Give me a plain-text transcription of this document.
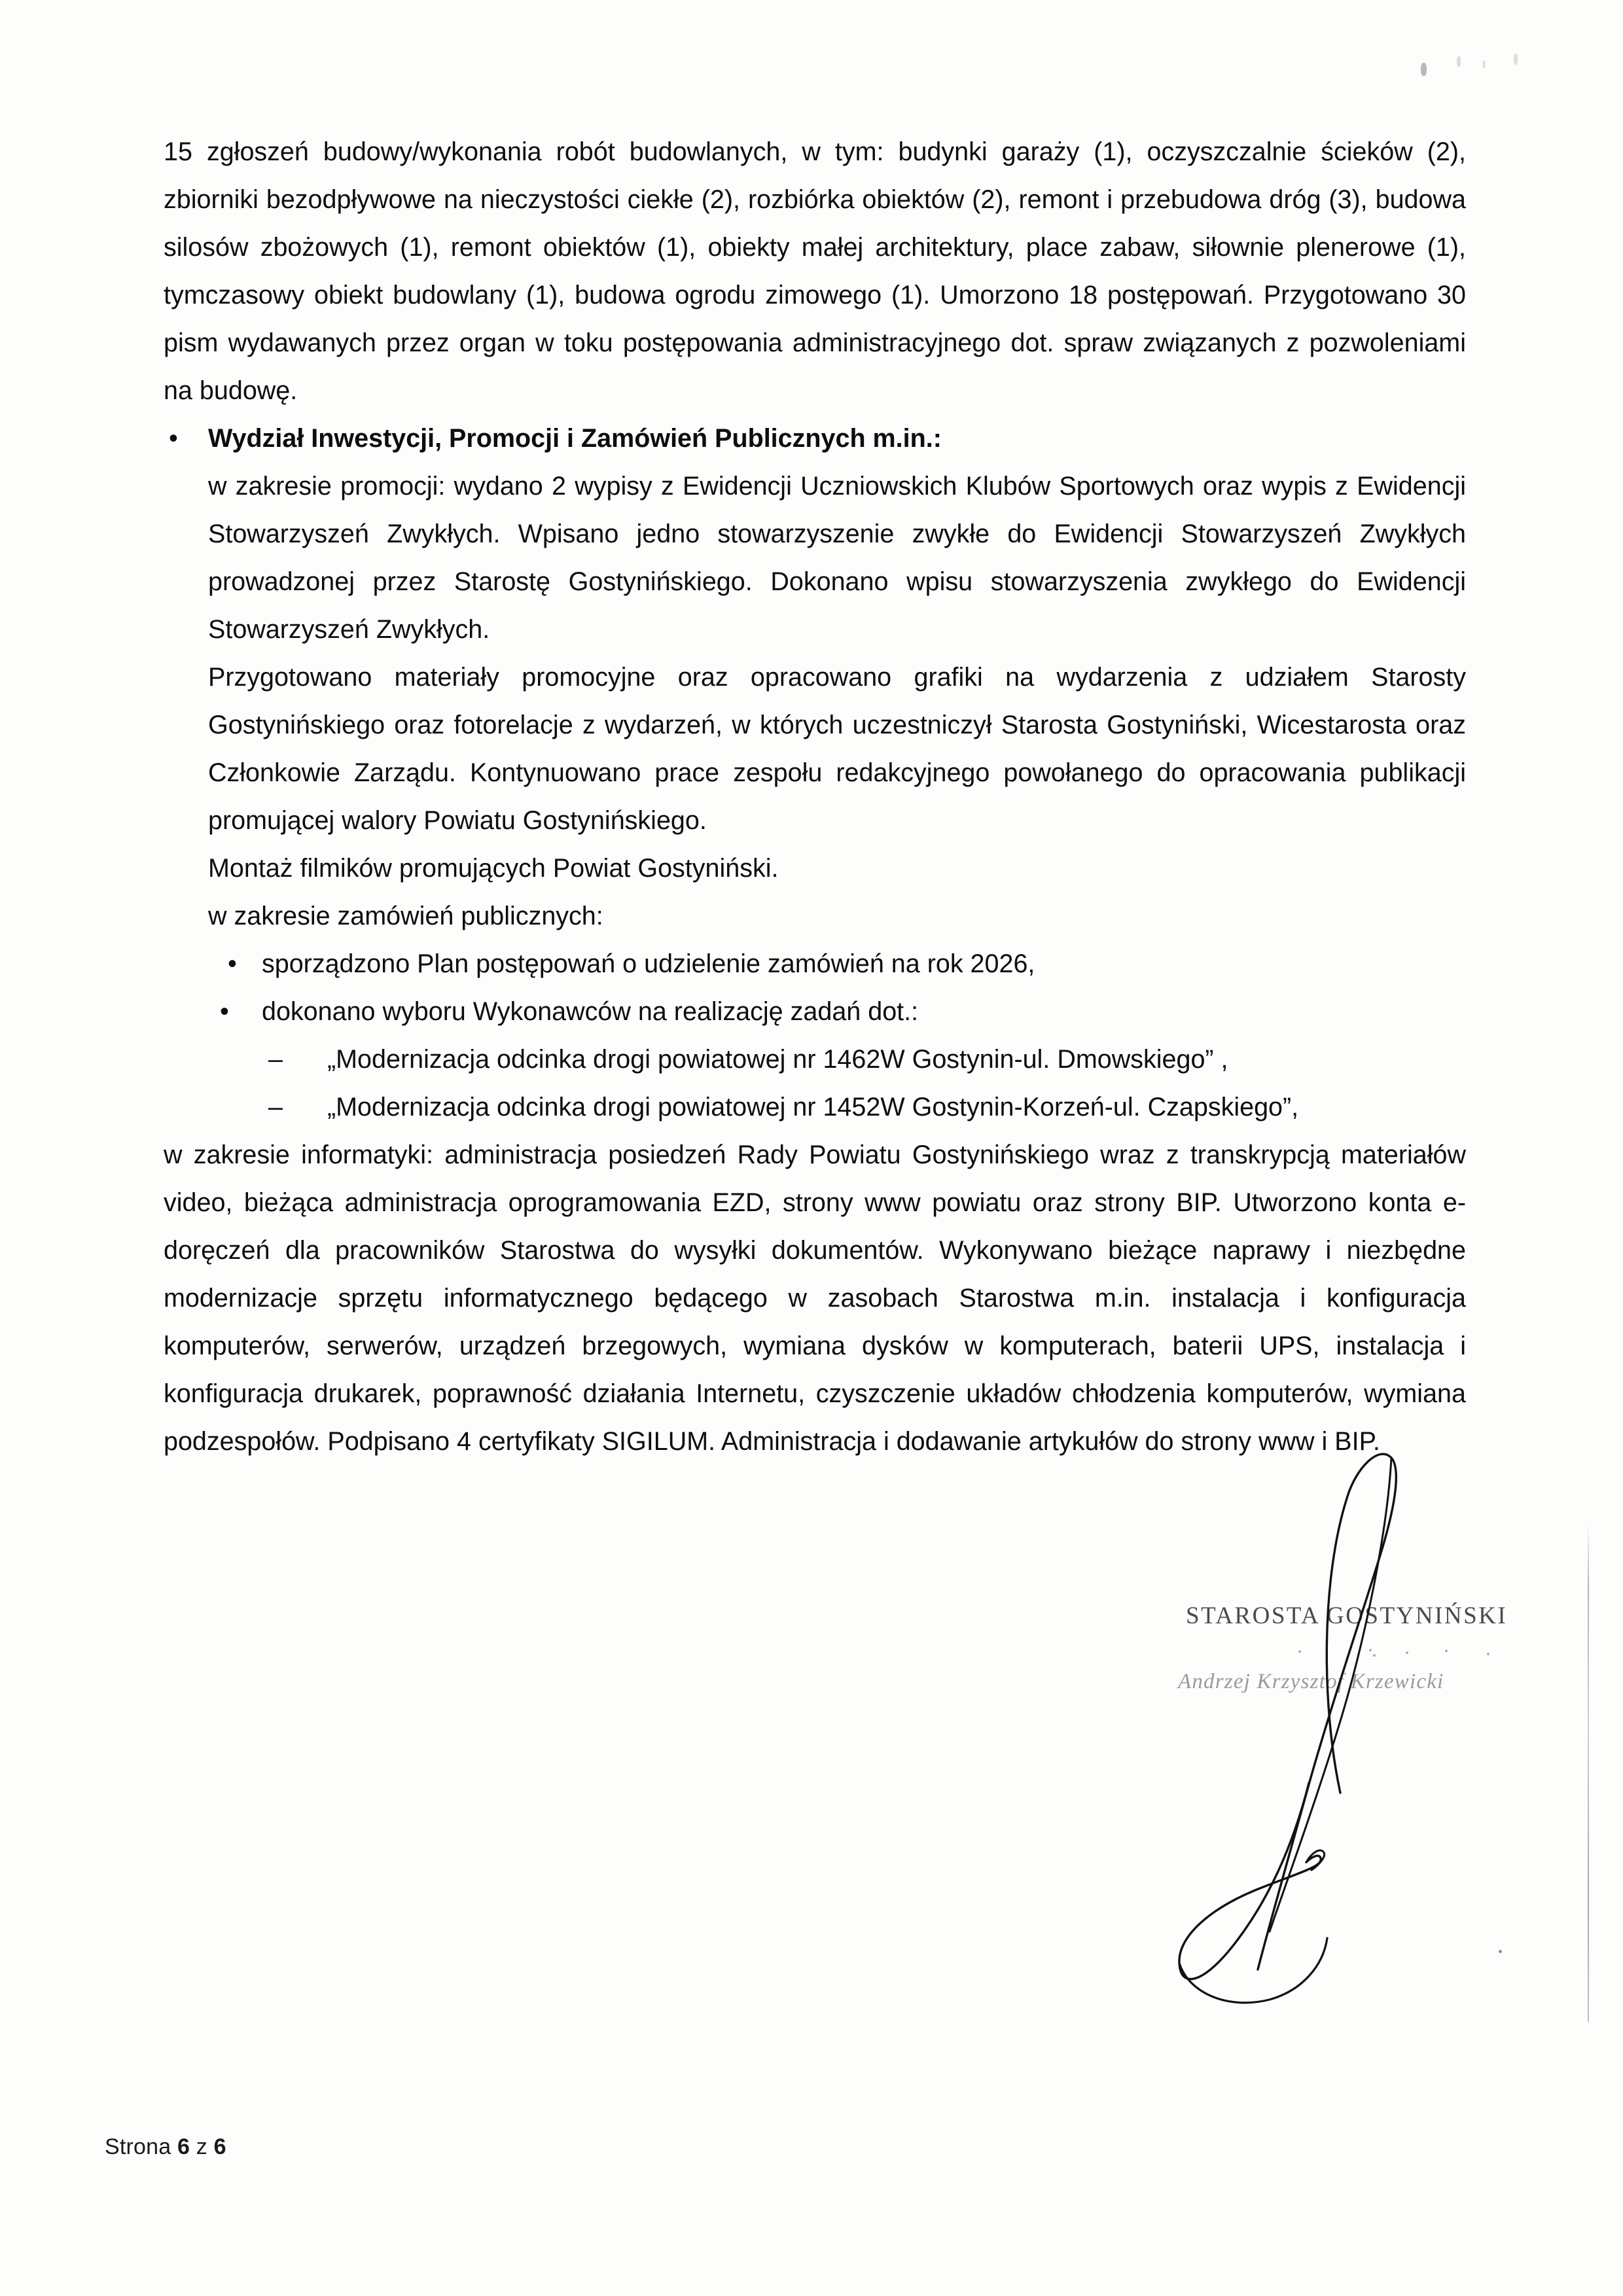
15 zgłoszeń budowy/wykonania robót budowlanych, w tym: budynki garaży (1), oczyszczalnie ścieków (2), zbiorniki bezodpływowe na nieczystości ciekłe (2), rozbiórka obiektów (2), remont i przebudowa dróg (3), budowa silosów zbożowych (1), remont obiektów (1), obiekty małej architektury, place zabaw, siłownie plenerowe (1), tymczasowy obiekt budowlany (1), budowa ogrodu zimowego (1). Umorzono 18 postępowań. Przygotowano 30 pism wydawanych przez organ w toku postępowania administracyjnego dot. spraw związanych z pozwoleniami na budowę.

•	Wydział Inwestycji, Promocji i Zamówień Publicznych m.in.:

w zakresie promocji: wydano 2 wypisy z Ewidencji Uczniowskich Klubów Sportowych oraz wypis z Ewidencji Stowarzyszeń Zwykłych. Wpisano jedno stowarzyszenie zwykłe do Ewidencji Stowarzyszeń Zwykłych prowadzonej przez Starostę Gostynińskiego. Dokonano wpisu stowarzyszenia zwykłego do Ewidencji Stowarzyszeń Zwykłych.

Przygotowano materiały promocyjne oraz opracowano grafiki na wydarzenia z udziałem Starosty Gostynińskiego oraz fotorelacje z wydarzeń, w których uczestniczył Starosta Gostyniński, Wicestarosta oraz Członkowie Zarządu. Kontynuowano prace zespołu redakcyjnego powołanego do opracowania publikacji promującej walory Powiatu Gostynińskiego.

Montaż filmików promujących Powiat Gostyniński.

w zakresie zamówień publicznych:

• sporządzono Plan postępowań o udzielenie zamówień na rok 2026,
• dokonano wyboru Wykonawców na realizację zadań dot.:
– „Modernizacja odcinka drogi powiatowej nr 1462W Gostynin-ul. Dmowskiego” ,
– „Modernizacja odcinka drogi powiatowej nr 1452W Gostynin-Korzeń-ul. Czapskiego”,

w zakresie informatyki: administracja posiedzeń Rady Powiatu Gostynińskiego wraz z transkrypcją materiałów video, bieżąca administracja oprogramowania EZD, strony www powiatu oraz strony BIP. Utworzono konta e-doręczeń dla pracowników Starostwa do wysyłki dokumentów. Wykonywano bieżące naprawy i niezbędne modernizacje sprzętu informatycznego będącego w zasobach Starostwa m.in. instalacja i konfiguracja komputerów, serwerów, urządzeń brzegowych, wymiana dysków w komputerach, baterii UPS, instalacja i konfiguracja drukarek, poprawność działania Internetu, czyszczenie układów chłodzenia komputerów, wymiana podzespołów. Podpisano 4 certyfikaty SIGILUM. Administracja i dodawanie artykułów do strony www i BIP.

STAROSTA GOSTYNIŃSKI
Andrzej Krzysztof Krzewicki
Strona 6 z 6
